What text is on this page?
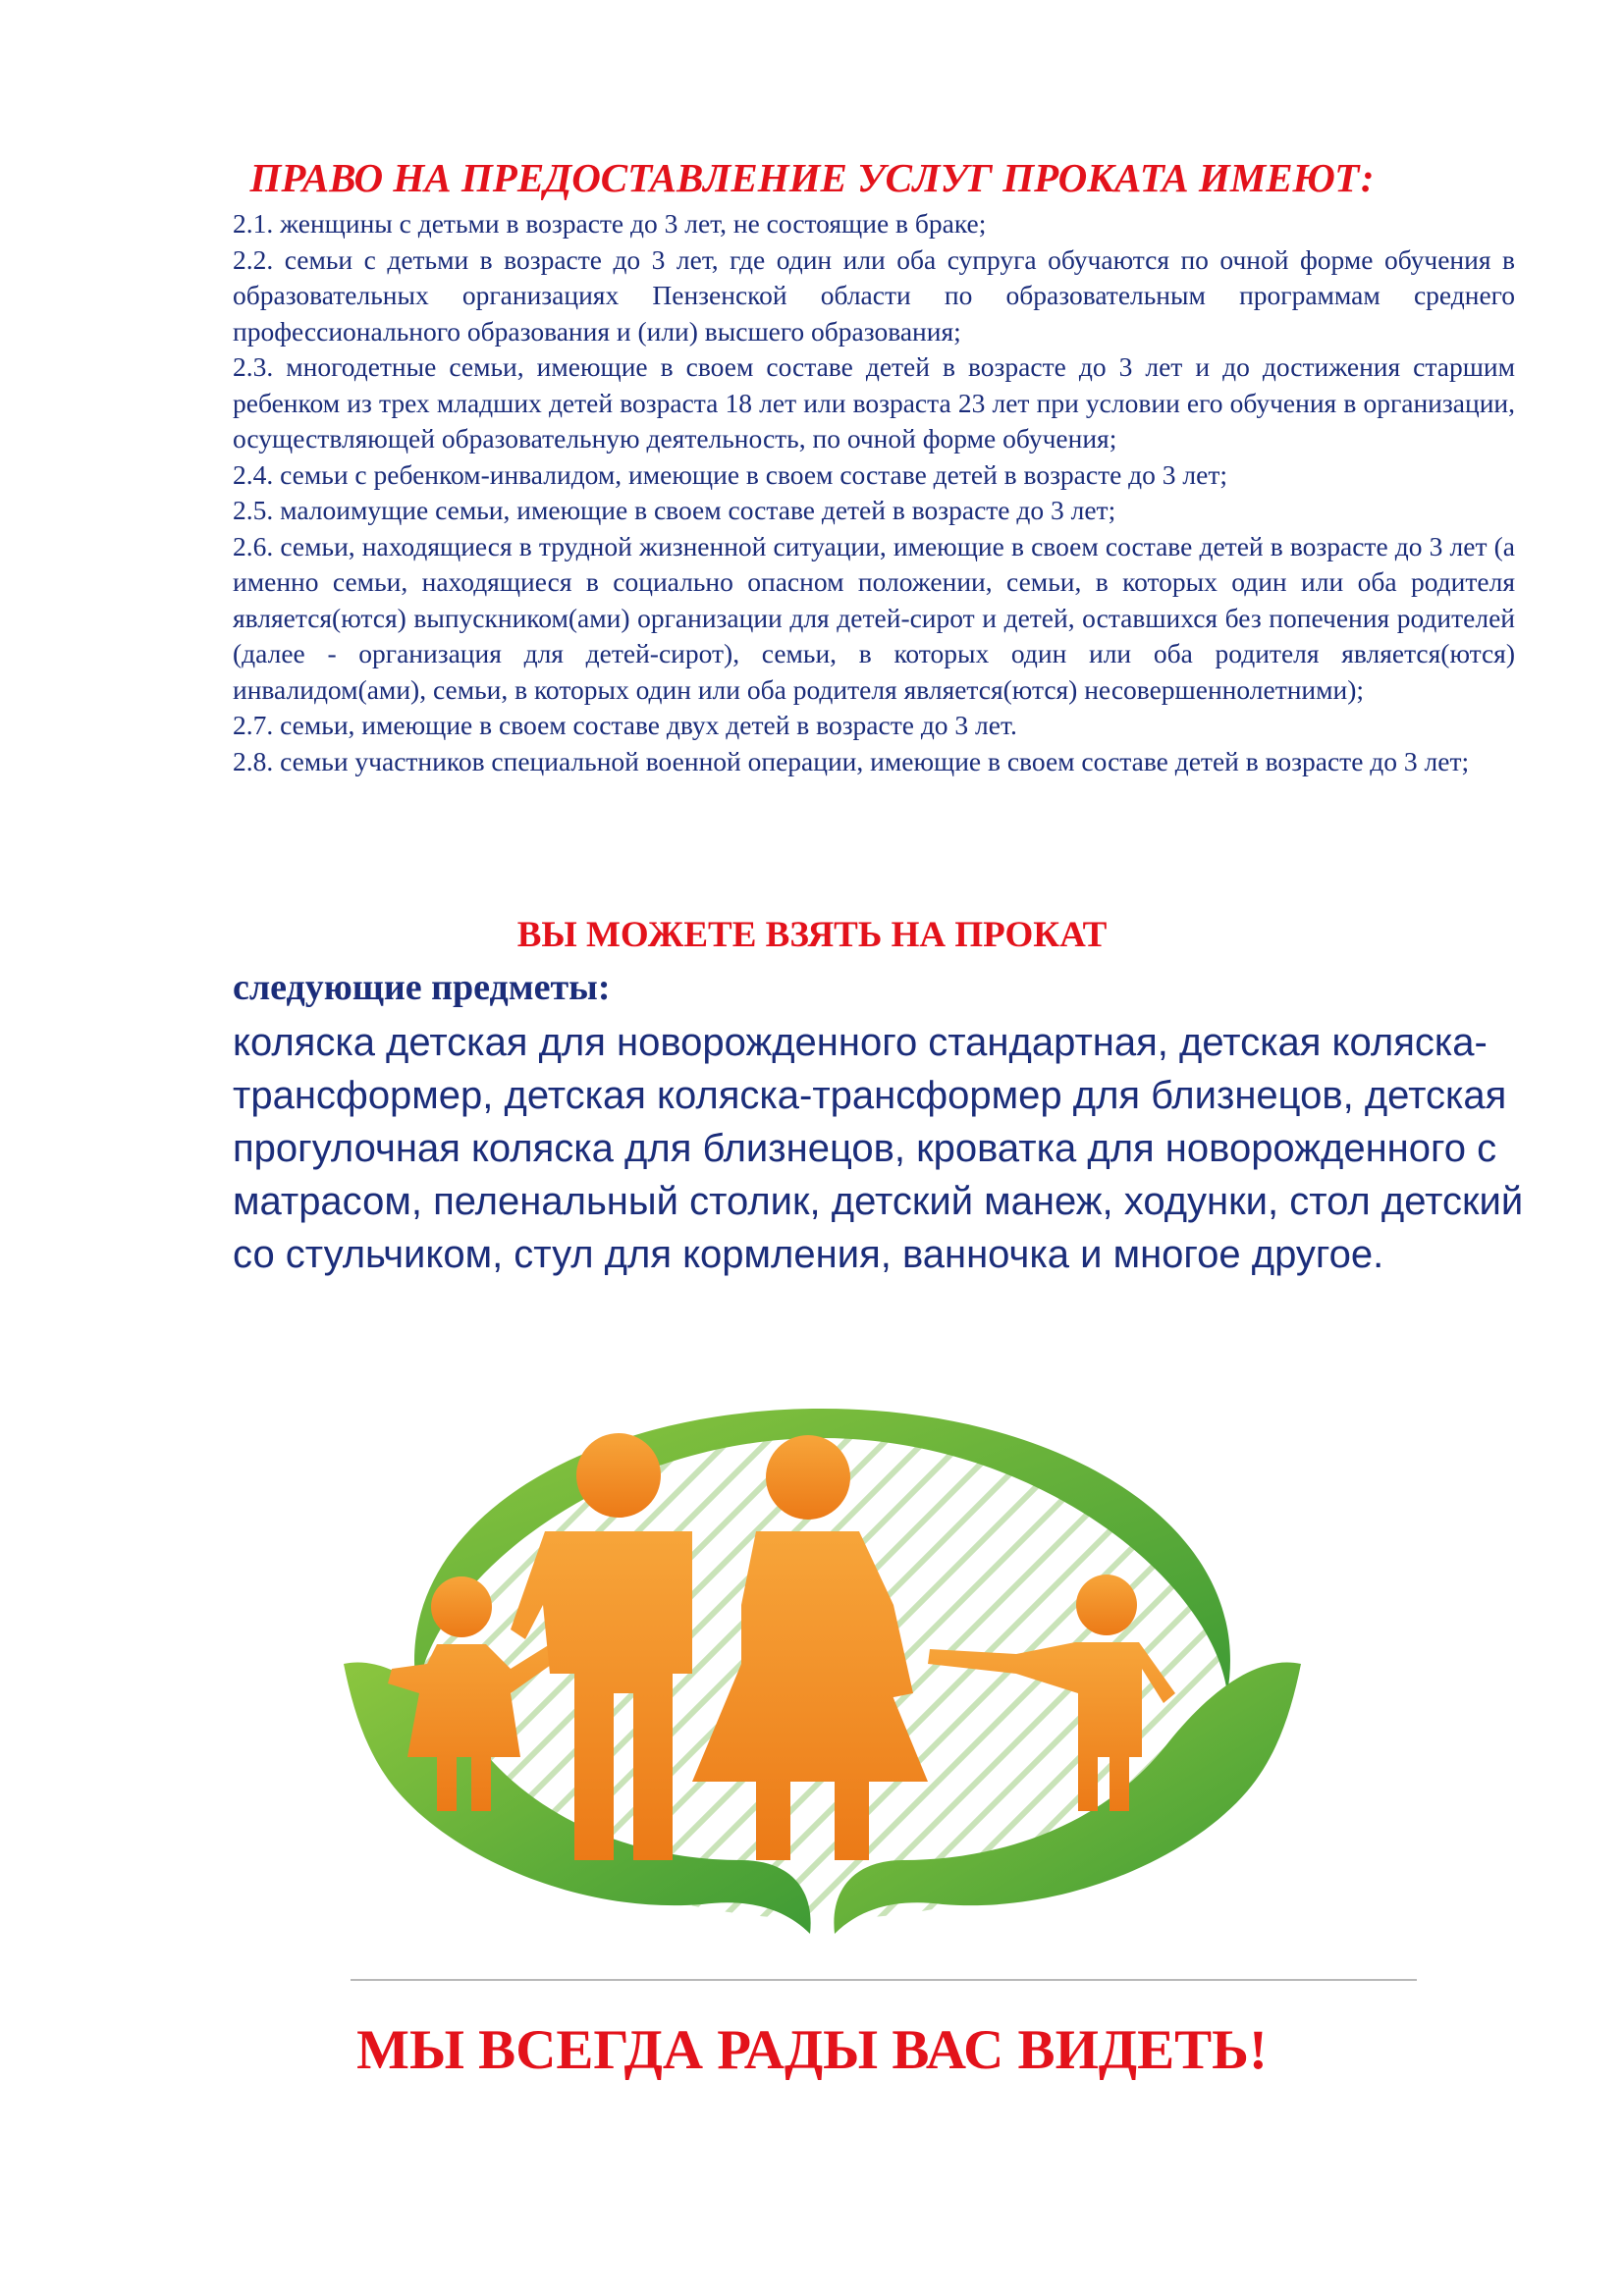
ПРАВО НА ПРЕДОСТАВЛЕНИЕ УСЛУГ ПРОКАТА ИМЕЮТ:
2.1. женщины с детьми в возрасте до 3 лет, не состоящие в браке;
2.2. семьи с детьми в возрасте до 3 лет, где один или оба супруга обучаются по очной форме обучения в образовательных организациях Пензенской области по образовательным программам среднего профессионального образования и (или) высшего образования;
2.3. многодетные семьи, имеющие в своем составе детей в возрасте до 3 лет и до достижения старшим ребенком из трех младших детей возраста 18 лет или возраста 23 лет при условии его обучения в организации, осуществляющей образовательную деятельность, по очной форме обучения;
2.4. семьи с ребенком-инвалидом, имеющие в своем составе детей в возрасте до 3 лет;
2.5. малоимущие семьи, имеющие в своем составе детей в возрасте до 3 лет;
2.6. семьи, находящиеся в трудной жизненной ситуации, имеющие в своем составе детей в возрасте до 3 лет (а именно семьи, находящиеся в социально опасном положении, семьи, в которых один или оба родителя является(ются) выпускником(ами) организации для детей-сирот и детей, оставшихся без попечения родителей (далее - организация для детей-сирот), семьи, в которых один или оба родителя является(ются) инвалидом(ами), семьи, в которых один или оба родителя является(ются) несовершеннолетними);
2.7. семьи, имеющие в своем составе двух детей в возрасте до 3 лет.
2.8. семьи участников специальной военной операции, имеющие в своем составе детей в возрасте до 3 лет;
ВЫ МОЖЕТЕ ВЗЯТЬ НА ПРОКАТ
следующие предметы:
коляска детская для новорожденного стандартная, детская коляска-трансформер, детская коляска-трансформер для близнецов, детская прогулочная коляска для близнецов, кроватка для новорожденного с матрасом, пеленальный столик, детский манеж, ходунки, стол детский со стульчиком, стул для кормления, ванночка и многое другое.
МЫ ВСЕГДА РАДЫ ВАС ВИДЕТЬ!
